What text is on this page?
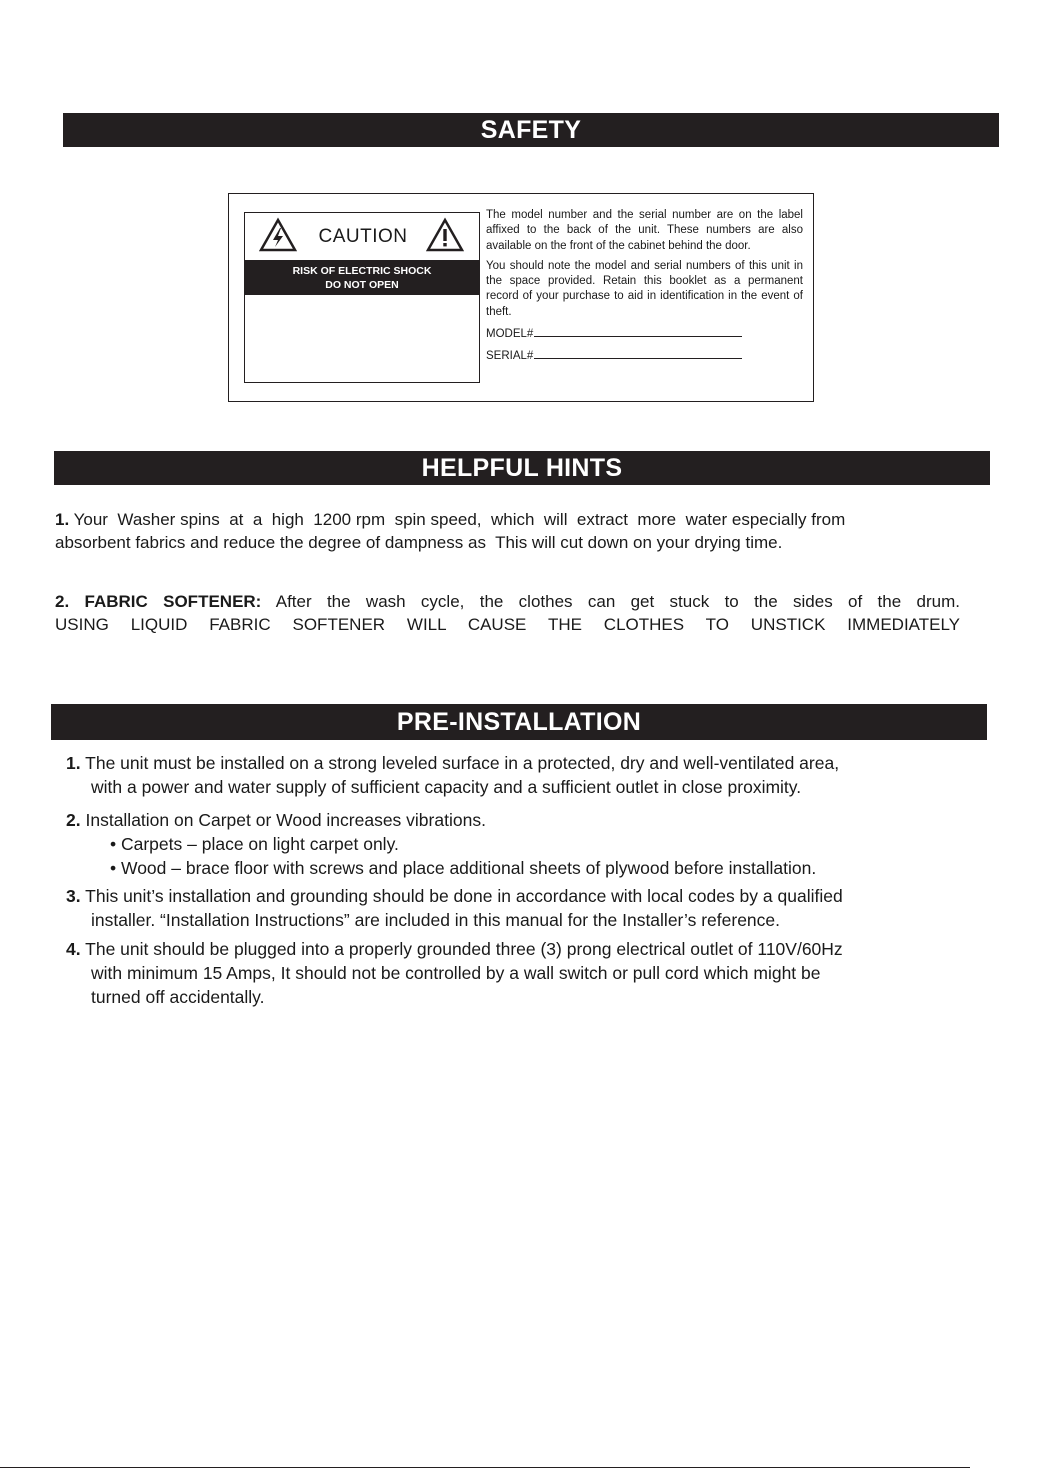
SAFETY
CAUTION
RISK OF ELECTRIC SHOCK
DO NOT OPEN

The model number and the serial number are on the label affixed to the back of the unit. These numbers are also available on the front of the cabinet behind the door.

You should note the model and serial numbers of this unit in the space provided. Retain this booklet as a permanent record of your purchase to aid in identification in the event of theft.

MODEL#
SERIAL#
HELPFUL HINTS
1. Your  Washer spins  at  a  high  1200 rpm  spin speed,  which  will  extract  more  water especially from absorbent fabrics and reduce the degree of dampness as  This will cut down on your drying time.
2. FABRIC SOFTENER: After the wash cycle, the clothes can get stuck to the sides of the drum.
USING LIQUID FABRIC SOFTENER WILL CAUSE THE CLOTHES TO UNSTICK IMMEDIATELY
PRE-INSTALLATION
1. The unit must be installed on a strong leveled surface in a protected, dry and well-ventilated area,
with a power and water supply of sufficient capacity and a sufficient outlet in close proximity.
2. Installation on Carpet or Wood increases vibrations.
• Carpets – place on light carpet only.
• Wood – brace floor with screws and place additional sheets of plywood before installation.
3. This unit’s installation and grounding should be done in accordance with local codes by a qualified
installer. “Installation Instructions” are included in this manual for the Installer’s reference.
4. The unit should be plugged into a properly grounded three (3) prong electrical outlet of 110V/60Hz
with minimum 15 Amps, It should not be controlled by a wall switch or pull cord which might be
turned off accidentally.
